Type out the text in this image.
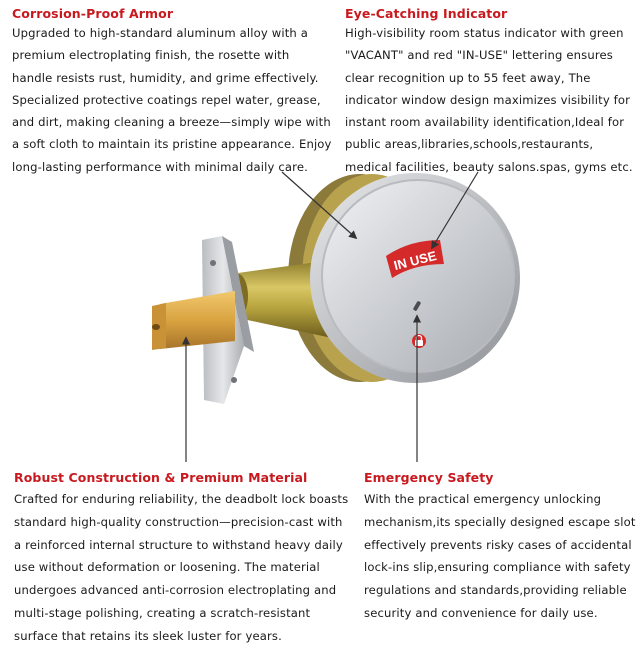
Corrosion-Proof Armor

Upgraded to high-standard aluminum alloy with a
premium electroplating finish, the rosette with
handle resists rust, humidity, and grime effectively.
Specialized protective coatings repel water, grease,
and dirt, making cleaning a breeze—simply wipe with
a soft cloth to maintain its pristine appearance. Enjoy
long-lasting performance with minimal daily care.

Eye-Catching Indicator

High-visibility room status indicator with green
"VACANT" and red "IN-USE" lettering ensures
clear recognition up to 55 feet away, The
indicator window design maximizes visibility for
instant room availability identification,Ideal for
public areas,libraries,schools,restaurants,
medical facilities, beauty salons.spas, gyms etc.

Robust Construction & Premium Material

Crafted for enduring reliability, the deadbolt lock boasts
standard high-quality construction—precision-cast with
a reinforced internal structure to withstand heavy daily
use without deformation or loosening. The material
undergoes advanced anti-corrosion electroplating and
multi-stage polishing, creating a scratch-resistant
surface that retains its sleek luster for years.

Emergency Safety

With the practical emergency unlocking
mechanism,its specially designed escape slot
effectively prevents risky cases of accidental
lock-ins slip,ensuring compliance with safety
regulations and standards,providing reliable
security and convenience for daily use.

IN USE
